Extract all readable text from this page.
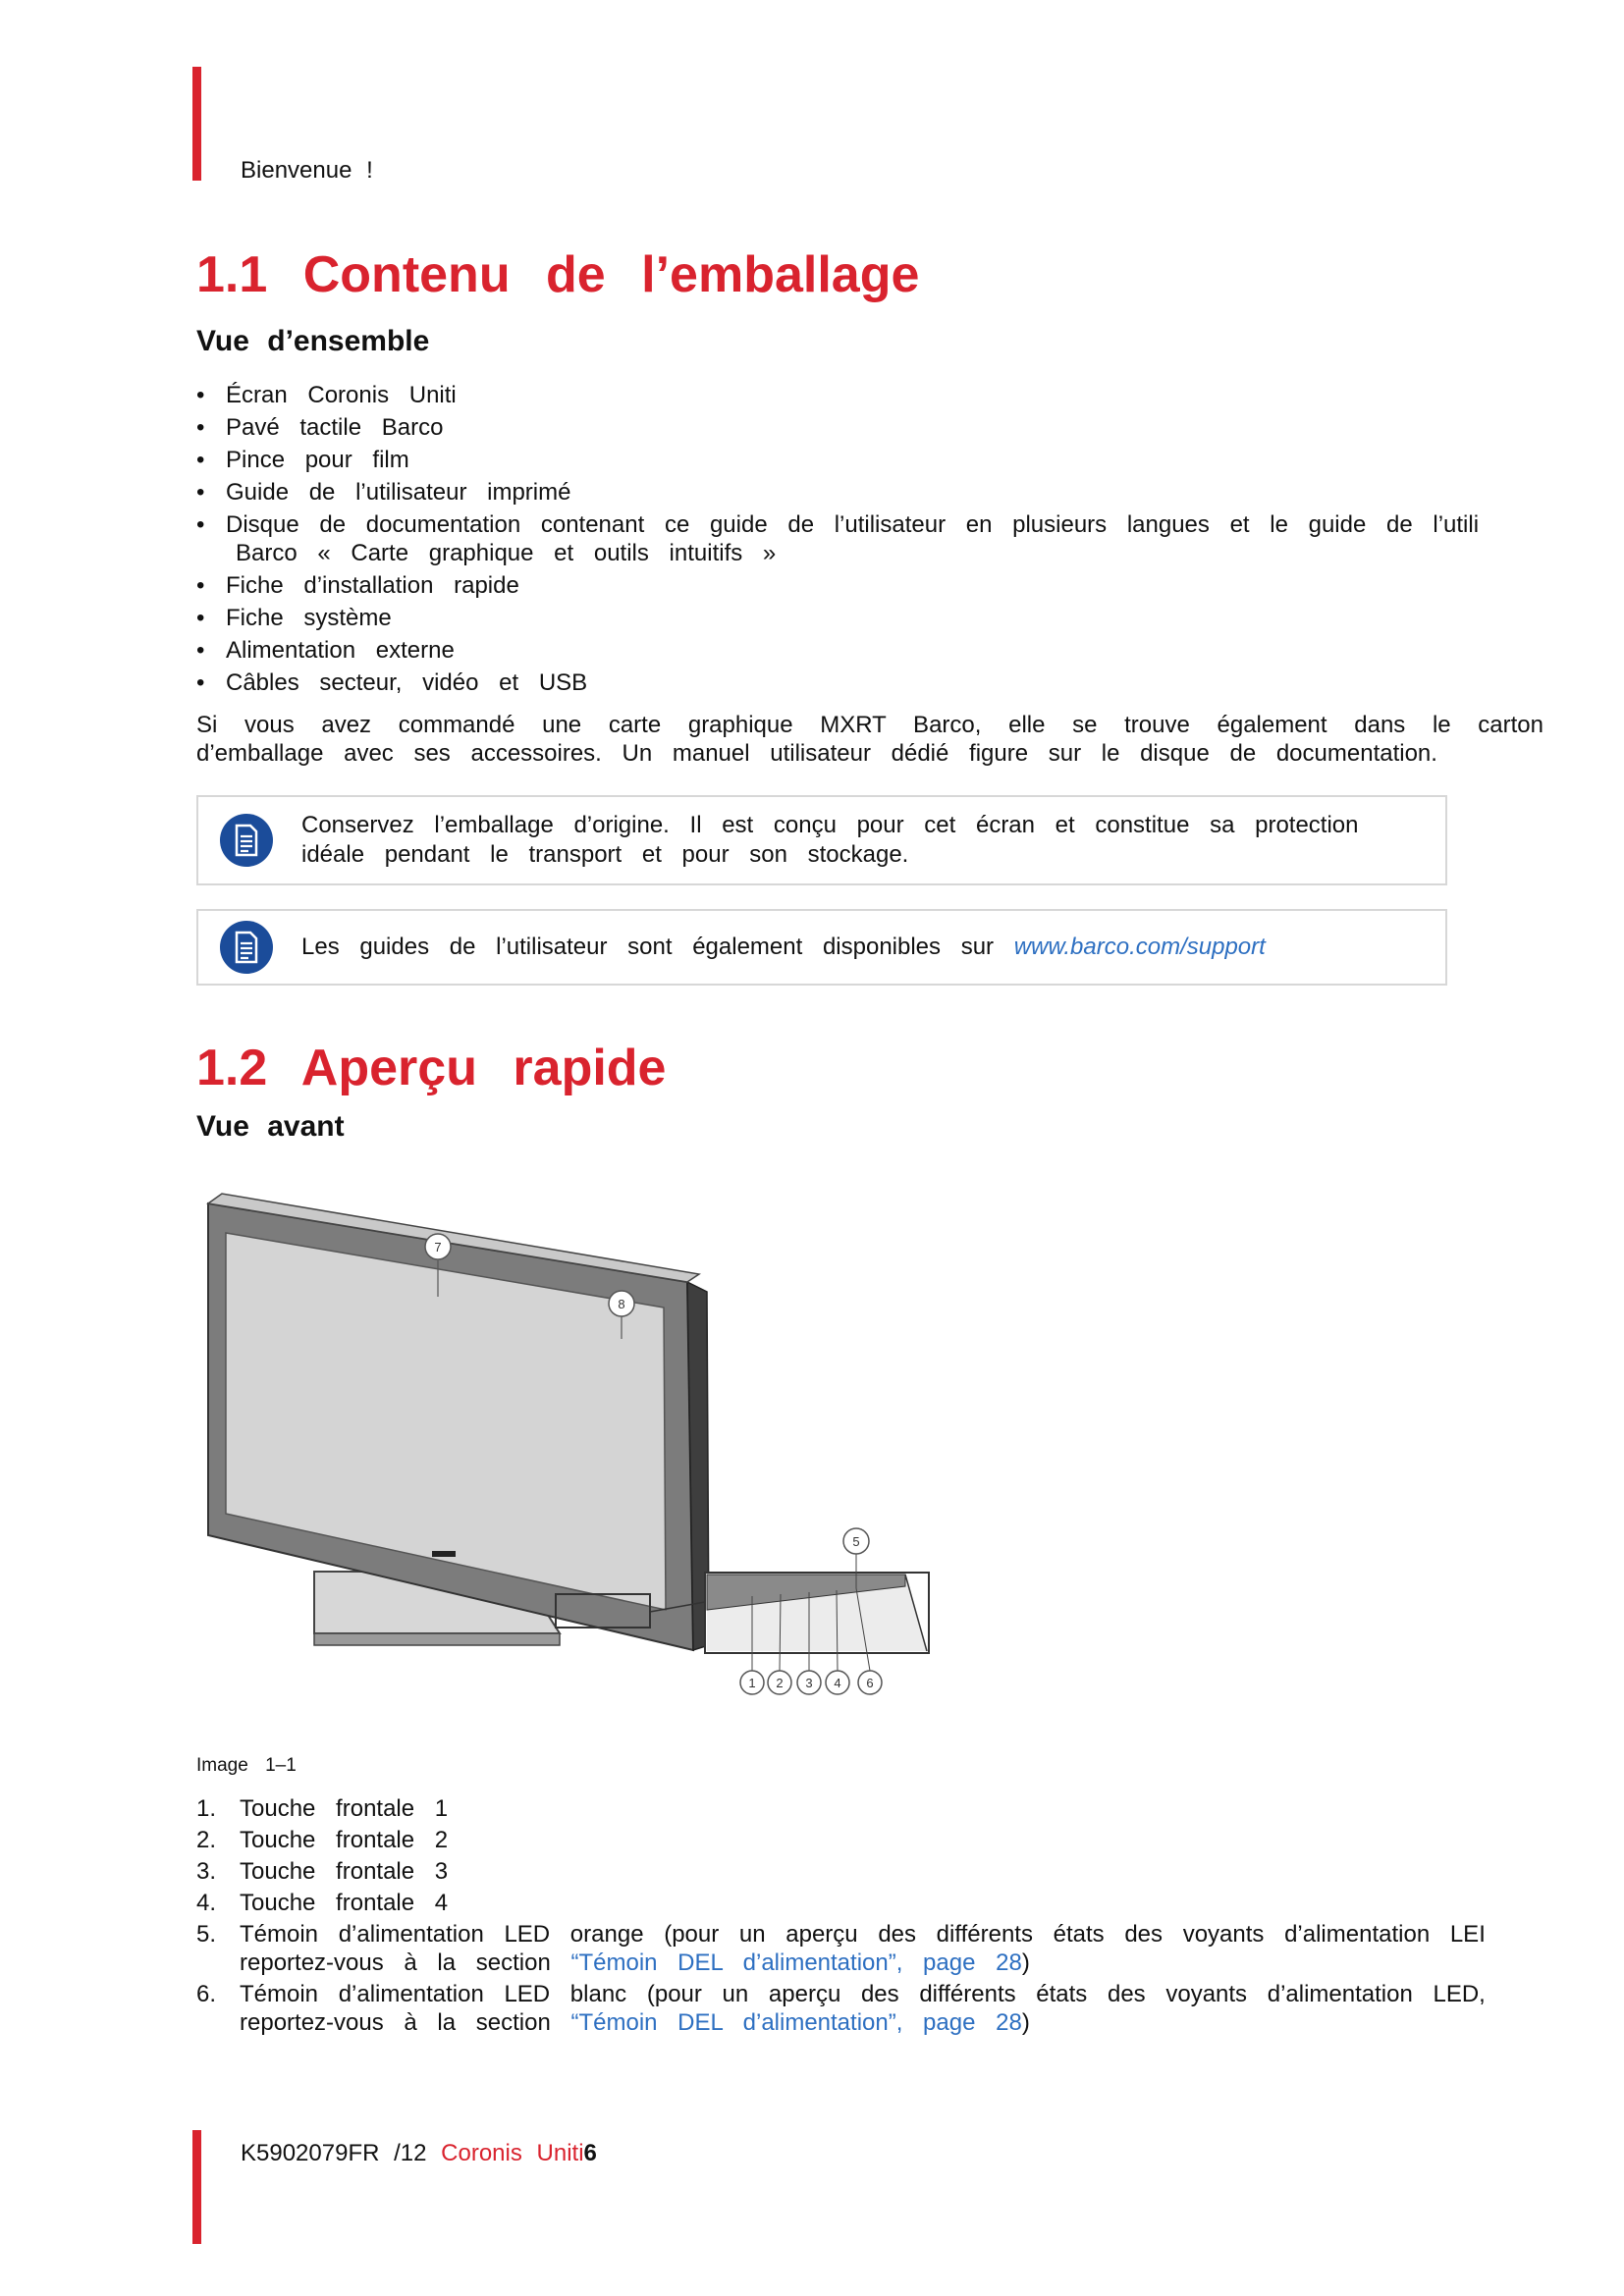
Bienvenue !
1.1 Contenu de l’emballage
Vue d’ensemble
• Écran Coronis Uniti
• Pavé tactile Barco
• Pince pour film
• Guide de l’utilisateur imprimé
• Disque de documentation contenant ce guide de l’utilisateur en plusieurs langues et le guide de l’utili
Barco « Carte graphique et outils intuitifs »
• Fiche d’installation rapide
• Fiche système
• Alimentation externe
• Câbles secteur, vidéo et USB

Si vous avez commandé une carte graphique MXRT Barco, elle se trouve également dans le carton d’emballage avec ses accessoires. Un manuel utilisateur dédié figure sur le disque de documentation.

Conservez l’emballage d’origine. Il est conçu pour cet écran et constitue sa protection idéale pendant le transport et pour son stockage.
Les guides de l’utilisateur sont également disponibles sur www.barco.com/support
1.2 Aperçu rapide
Vue avant
7
8
5
1 2 3 4 6
Image 1–1
1. Touche frontale 1
2. Touche frontale 2
3. Touche frontale 3
4. Touche frontale 4
5. Témoin d’alimentation LED orange (pour un aperçu des différents états des voyants d’alimentation LEI
reportez-vous à la section “Témoin DEL d’alimentation”, page 28)
6. Témoin d’alimentation LED blanc (pour un aperçu des différents états des voyants d’alimentation LED,
reportez-vous à la section “Témoin DEL d’alimentation”, page 28)
K5902079FR /12 Coronis Uniti6
